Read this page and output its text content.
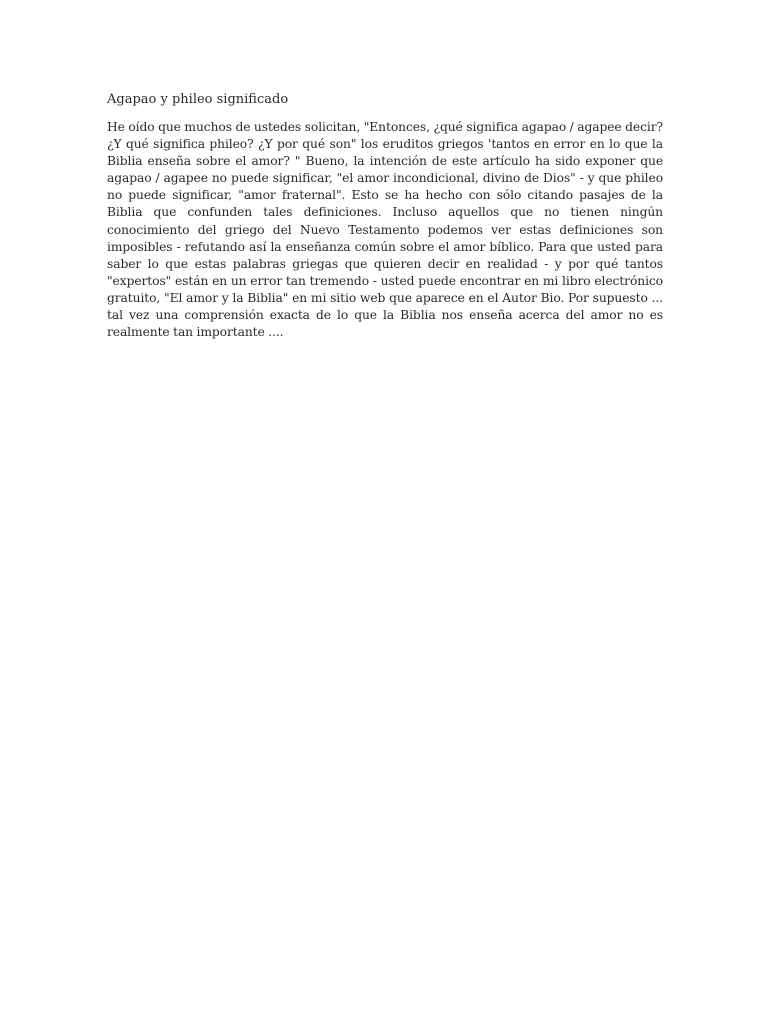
Agapao y phileo significado

He oído que muchos de ustedes solicitan, "Entonces, ¿qué significa agapao / agapee decir? ¿Y qué significa phileo? ¿Y por qué son" los eruditos griegos 'tantos en error en lo que la Biblia enseña sobre el amor? " Bueno, la intención de este artículo ha sido exponer que agapao / agapee no puede significar, "el amor incondicional, divino de Dios" - y que phileo no puede significar, "amor fraternal". Esto se ha hecho con sólo citando pasajes de la Biblia que confunden tales definiciones. Incluso aquellos que no tienen ningún conocimiento del griego del Nuevo Testamento podemos ver estas definiciones son imposibles - refutando así la enseñanza común sobre el amor bíblico. Para que usted para saber lo que estas palabras griegas que quieren decir en realidad - y por qué tantos "expertos" están en un error tan tremendo - usted puede encontrar en mi libro electrónico gratuito, "El amor y la Biblia" en mi sitio web que aparece en el Autor Bio. Por supuesto ... tal vez una comprensión exacta de lo que la Biblia nos enseña acerca del amor no es realmente tan importante ....
